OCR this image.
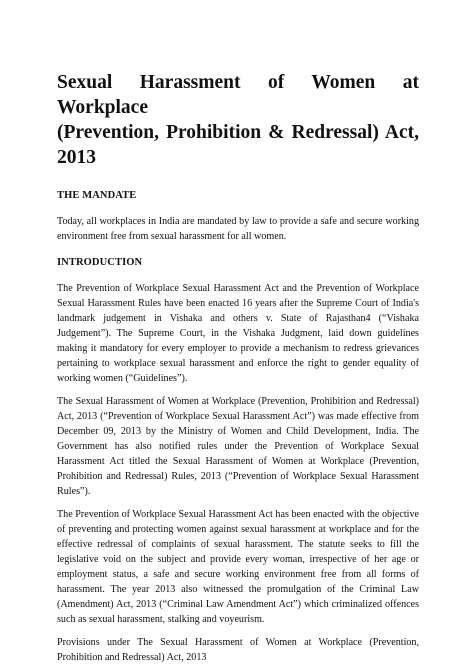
Sexual Harassment of Women at Workplace
(Prevention, Prohibition & Redressal) Act, 2013
THE MANDATE

Today, all workplaces in India are mandated by law to provide a safe and secure working environment free from sexual harassment for all women.

INTRODUCTION

The Prevention of Workplace Sexual Harassment Act and the Prevention of Workplace Sexual Harassment Rules have been enacted 16 years after the Supreme Court of India's landmark judgement in Vishaka and others v. State of Rajasthan4 (“Vishaka Judgement”). The Supreme Court, in the Vishaka Judgment, laid down guidelines making it mandatory for every employer to provide a mechanism to redress grievances pertaining to workplace sexual harassment and enforce the right to gender equality of working women (“Guidelines”).

The Sexual Harassment of Women at Workplace (Prevention, Prohibition and Redressal) Act, 2013 (“Prevention of Workplace Sexual Harassment Act”) was made effective from December 09, 2013 by the Ministry of Women and Child Development, India. The Government has also notified rules under the Prevention of Workplace Sexual Harassment Act titled the Sexual Harassment of Women at Workplace (Prevention, Prohibition and Redressal) Rules, 2013 (“Prevention of Workplace Sexual Harassment Rules”).

The Prevention of Workplace Sexual Harassment Act has been enacted with the objective of preventing and protecting women against sexual harassment at workplace and for the effective redressal of complaints of sexual harassment. The statute seeks to fill the legislative void on the subject and provide every woman, irrespective of her age or employment status, a safe and secure working environment free from all forms of harassment. The year 2013 also witnessed the promulgation of the Criminal Law (Amendment) Act, 2013 (“Criminal Law Amendment Act”) which criminalized offences such as sexual harassment, stalking and voyeurism.

Provisions under The Sexual Harassment of Women at Workplace (Prevention, Prohibition and Redressal) Act, 2013
